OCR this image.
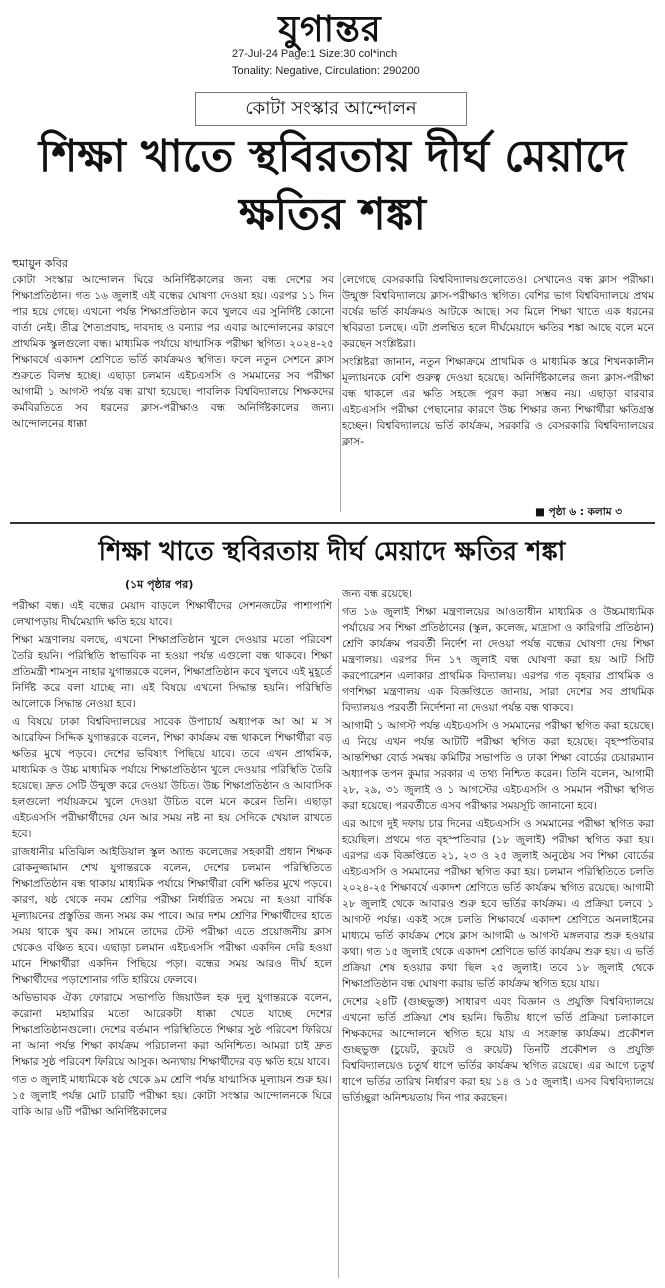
যুগান্তর
27-Jul-24 Page:1 Size:30 col*inch
Tonality: Negative, Circulation: 290200
কোটা সংস্কার আন্দোলন
শিক্ষা খাতে স্থবিরতায় দীর্ঘ মেয়াদে ক্ষতির শঙ্কা
হুমায়ুন কবির

কোটা সংস্কার আন্দোলন ঘিরে অনির্দিষ্টকালের জন্য বন্ধ দেশের সব শিক্ষাপ্রতিষ্ঠান। গত ১৬ জুলাই এই বন্ধের ঘোষণা দেওয়া হয়। এরপর ১১ দিন পার হয়ে গেছে। এখনো পর্যন্ত শিক্ষাপ্রতিষ্ঠান কবে খুলবে এর সুনির্দিষ্ট কোনো বার্তা নেই। তীব্র শৈত্যপ্রবাহ, দাবদাহ ও বন্যার পর এবার আন্দোলনের কারণে প্রাথমিক স্কুলগুলো বন্ধ। মাধ্যমিক পর্যায়ে ষাণ্মাসিক পরীক্ষা স্থগিত। ২০২৪-২৫ শিক্ষাবর্ষে একাদশ শ্রেণিতে ভর্তি কার্যক্রমও স্থগিত। ফলে নতুন সেশনে ক্লাস শুরুতে বিলম্ব হচ্ছে। এছাড়া চলমান এইচএসসি ও সমমানের সব পরীক্ষা আগামী ১ আগস্ট পর্যন্ত বন্ধ রাখা হয়েছে। পাবলিক বিশ্ববিদ্যালয়ে শিক্ষকদের কর্মবিরতিতে সব ধরনের ক্লাস-পরীক্ষাও বন্ধ অনির্দিষ্টকালের জন্য। আন্দোলনের ধাক্কা

লেগেছে বেসরকারি বিশ্ববিদ্যালয়গুলোতেও। সেখানেও বন্ধ ক্লাস পরীক্ষা। উন্মুক্ত বিশ্ববিদ্যালয়ে ক্লাস-পরীক্ষাও স্থগিত। বেশির ভাগ বিশ্ববিদ্যালয়ে প্রথম বর্ষের ভর্তি কার্যক্রমও আটকে আছে। সব মিলে শিক্ষা খাতে এক ধরনের স্থবিরতা চলছে। এটা প্রলম্বিত হলে দীর্ঘমেয়াদে ক্ষতির শঙ্কা আছে বলে মনে করছেন সংশ্লিষ্টরা।

সংশ্লিষ্টরা জানান, নতুন শিক্ষাক্রমে প্রাথমিক ও মাধ্যমিক স্তরে শিখনকালীন মূল্যায়নকে বেশি গুরুত্ব দেওয়া হয়েছে। অনির্দিষ্টকালের জন্য ক্লাস-পরীক্ষা বন্ধ থাকলে এর ক্ষতি সহজে পূরণ করা সম্ভব নয়। এছাড়া বারবার এইচএসসি পরীক্ষা পেছানোর কারণে উচ্চ শিক্ষার জন্য শিক্ষার্থীরা ক্ষতিগ্রস্ত হচ্ছেন। বিশ্ববিদ্যালয়ে ভর্তি কার্যক্রম, সরকারি ও বেসরকারি বিশ্ববিদ্যালয়ের ক্লাস-

■ পৃষ্ঠা ৬ : কলাম ৩
শিক্ষা খাতে স্থবিরতায় দীর্ঘ মেয়াদে ক্ষতির শঙ্কা
(১ম পৃষ্ঠার পর)

পরীক্ষা বন্ধ। এই বন্ধের মেয়াদ বাড়লে শিক্ষার্থীদের সেশনজটের পাশাপাশি লেখাপড়ায় দীর্ঘমেয়াদি ক্ষতি হয়ে যাবে।

শিক্ষা মন্ত্রণালয় বলছে, এখনো শিক্ষাপ্রতিষ্ঠান খুলে দেওয়ার মতো পরিবেশ তৈরি হয়নি। পরিস্থিতি স্বাভাবিক না হওয়া পর্যন্ত এগুলো বন্ধ থাকবে। শিক্ষা প্রতিমন্ত্রী শামসুন নাহার যুগান্তরকে বলেন, শিক্ষাপ্রতিষ্ঠান কবে খুলবে এই মুহূর্তে নির্দিষ্ট করে বলা যাচ্ছে না। এই বিষয়ে এখনো সিদ্ধান্ত হয়নি। পরিস্থিতি আলোকে সিদ্ধান্ত নেওয়া হবে।

এ বিষয়ে ঢাকা বিশ্ববিদ্যালয়ের সাবেক উপাচার্য অধ্যাপক আ আ ম স আরেফিন সিদ্দিক যুগান্তরকে বলেন, শিক্ষা কার্যক্রম বন্ধ থাকলে শিক্ষার্থীরা বড় ক্ষতির মুখে পড়বে। দেশের ভবিষ্যৎ পিছিয়ে যাবে। তবে এখন প্রাথমিক, মাধ্যমিক ও উচ্চ মাধ্যমিক পর্যায়ে শিক্ষাপ্রতিষ্ঠান খুলে দেওয়ার পরিস্থিতি তৈরি হয়েছে। দ্রুত সেটি উন্মুক্ত করে দেওয়া উচিত। উচ্চ শিক্ষাপ্রতিষ্ঠান ও আবাসিক হলগুলো পর্যায়ক্রমে খুলে দেওয়া উচিত বলে মনে করেন তিনি। এছাড়া এইচএসসি পরীক্ষার্থীদের যেন আর সময় নষ্ট না হয় সেদিকে খেয়াল রাখতে হবে।

রাজধানীর মতিঝিল আইডিয়াল স্কুল অ্যান্ড কলেজের সহকারী প্রধান শিক্ষক রোকনুজ্জামান শেখ যুগান্তরকে বলেন, দেশের চলমান পরিস্থিতিতে শিক্ষাপ্রতিষ্ঠান বন্ধ থাকায় মাধ্যমিক পর্যায়ে শিক্ষার্থীরা বেশি ক্ষতির মুখে পড়বে। কারণ, ষষ্ঠ থেকে নবম শ্রেণির পরীক্ষা নির্ধারিত সময়ে না হওয়া বার্ষিক মূল্যায়নের প্রস্তুতির জন্য সময় কম পাবে। আর দশম শ্রেণির শিক্ষার্থীদের হাতে সময় থাকে খুব কম। সামনে তাদের টেস্ট পরীক্ষা এতে প্রয়োজনীয় ক্লাস থেকেও বঞ্চিত হবে। এছাড়া চলমান এইচএসসি পরীক্ষা একদিন দেরি হওয়া মানে শিক্ষার্থীরা একদিন পিছিয়ে পড়া। বন্ধের সময় আরও দীর্ঘ হলে শিক্ষার্থীদের পড়াশোনার গতি হারিয়ে ফেলবে।

অভিভাবক ঐক্য ফোরামে সভাপতি জিয়াউল হক দুলু যুগান্তরকে বলেন, করোনা মহামারির মতো আরেকটা ধাক্কা খেতে যাচ্ছে দেশের শিক্ষাপ্রতিষ্ঠানগুলো। দেশের বর্তমান পরিস্থিতিতে শিক্ষার সুষ্ঠ পরিবেশ ফিরিয়ে না আনা পর্যন্ত শিক্ষা কার্যক্রম পরিচালনা করা অনিশ্চিত। আমরা চাই দ্রুত শিক্ষার সুষ্ঠ পরিবেশ ফিরিয়ে আসুক। অন্যথায় শিক্ষার্থীদের বড় ক্ষতি হয়ে যাবে।

গত ৩ জুলাই মাধ্যমিকে ষষ্ঠ থেকে ৯ম শ্রেণি পর্যন্ত ষাণ্মাসিক মূল্যায়ন শুরু হয়। ১৫ জুলাই পর্যন্ত মোট চারটি পরীক্ষা হয়। কোটা সংস্কার আন্দোলনকে ঘিরে বাকি আর ৬টি পরীক্ষা অনির্দিষ্টকালের

জন্য বন্ধ রয়েছে।

গত ১৬ জুলাই শিক্ষা মন্ত্রণালয়ের আওতাধীন মাধ্যমিক ও উচ্চমাধ্যমিক পর্যায়ের সব শিক্ষা প্রতিষ্ঠানের (স্কুল, কলেজ, মাদ্রাসা ও কারিগরি প্রতিষ্ঠান) শ্রেণি কার্যক্রম পরবর্তী নির্দেশ না দেওয়া পর্যন্ত বন্ধের ঘোষণা দেয় শিক্ষা মন্ত্রণালয়। এরপর দিন ১৭ জুলাই বন্ধ ঘোষণা করা হয় আট সিটি করপোরেশন এলাকার প্রাথমিক বিদ্যালয়। এরপর গত বৃহবার প্রাথমিক ও গণশিক্ষা মন্ত্রণালয় এক বিজ্ঞপ্তিতে জানায়, সারা দেশের সব প্রাথমিক বিদ্যালয়ও পরবর্তী নির্দেশনা না দেওয়া পর্যন্ত বন্ধ থাকবে।

আগামী ১ আগস্ট পর্যন্ত এইচএসসি ও সমমানের পরীক্ষা স্থগিত করা হয়েছে। এ নিয়ে এখন পর্যন্ত আটটি পরীক্ষা স্থগিত করা হয়েছে। বৃহস্পতিবার আন্তশিক্ষা বোর্ড সমন্বয় কমিটির সভাপতি ও ঢাকা শিক্ষা বোর্ডের চেয়ারম্যান অধ্যাপক তপন কুমার সরকার এ তথ্য নিশ্চিত করেন। তিনি বলেন, আগামী ২৮, ২৯, ৩১ জুলাই ও ১ আগস্টের এইচএসসি ও সমমান পরীক্ষা স্থগিত করা হয়েছে। পরবর্তীতে এসব পরীক্ষার সময়সূচি জানানো হবে।

এর আগে দুই দফায় চার দিনের এইচএসসি ও সমমানের পরীক্ষা স্থগিত করা হয়েছিল। প্রথমে গত বৃহস্পতিবার (১৮ জুলাই) পরীক্ষা স্থগিত করা হয়। এরপর এক বিজ্ঞপ্তিতে ২১, ২৩ ও ২৫ জুলাই অনুষ্ঠেয় সব শিক্ষা বোর্ডের এইচএসসি ও সমমানের পরীক্ষা স্থগিত করা হয়। চলমান পরিস্থিতিতে চলতি ২০২৪-২৫ শিক্ষাবর্ষে একাদশ শ্রেণিতে ভর্তি কার্যক্রম স্থগিত রয়েছে। আগামী ২৮ জুলাই থেকে আবারও শুরু হবে ভর্তির কার্যক্রম। এ প্রক্রিয়া চলবে ১ আগস্ট পর্যন্ত। একই সঙ্গে চলতি শিক্ষাবর্ষে একাদশ শ্রেণিতে অনলাইনের মাধ্যমে ভর্তি কার্যক্রম শেষে ক্লাস আগামী ৬ আগস্ট মঙ্গলবার শুরু হওয়ার কথা। গত ১৫ জুলাই থেকে একাদশ শ্রেণিতে ভর্তি কার্যক্রম শুরু হয়। এ ভর্তি প্রক্রিয়া শেষ হওয়ার কথা ছিল ২৫ জুলাই। তবে ১৮ জুলাই থেকে শিক্ষাপ্রতিষ্ঠান বন্ধ ঘোষণা করায় ভর্তি কার্যক্রম স্থগিত হয়ে যায়।

দেশের ২৪টি (গুচ্ছভুক্ত) সাধারণ এবং বিজ্ঞান ও প্রযুক্তি বিশ্ববিদ্যালয়ে এখনো ভর্তি প্রক্রিয়া শেষ হয়নি। দ্বিতীয় ধাপে ভর্তি প্রক্রিয়া চলাকালে শিক্ষকদের আন্দোলনে স্থগিত হয়ে যায় এ সংক্রান্ত কার্যক্রম। প্রকৌশল গুচ্ছভুক্ত (চুয়েট, কুয়েট ও রুয়েট) তিনটি প্রকৌশল ও প্রযুক্তি বিশ্ববিদ্যালয়েও চতুর্থ ধাপে ভর্তির কার্যক্রম স্থগিত রয়েছে। এর আগে চতুর্থ ধাপে ভর্তির তারিখ নির্ধারণ করা হয় ১৪ ও ১৫ জুলাই। এসব বিশ্ববিদ্যালয়ে ভর্তিচ্ছুরা অনিশ্চয়তায় দিন পার করছেন।
